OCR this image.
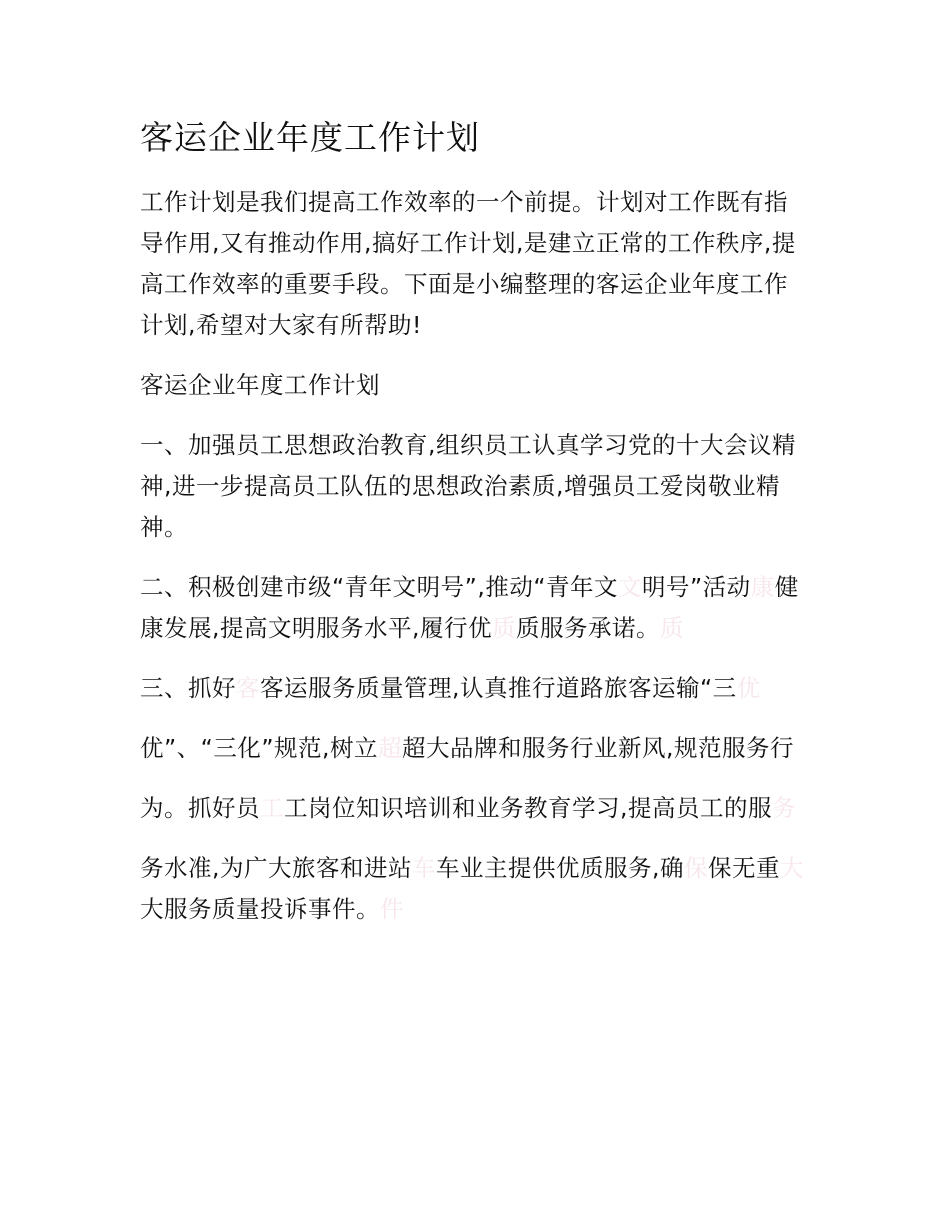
客运企业年度工作计划

工作计划是我们提高工作效率的一个前提。计划对工作既有指导作用,又有推动作用,搞好工作计划,是建立正常的工作秩序,提高工作效率的重要手段。下面是小编整理的客运企业年度工作计划,希望对大家有所帮助!

客运企业年度工作计划

一、加强员工思想政治教育,组织员工认真学习党的十大会议精神,进一步提高员工队伍的思想政治素质,增强员工爱岗敬业精神。

二、积极创建市级“青年文明号”,推动“青年文文明号”活动康健康发展,提高文明服务水平,履行优质质服务承诺。质

三、抓好客客运服务质量管理,认真推行道路旅客运输“三优

优”、“三化”规范,树立超超大品牌和服务行业新风,规范服务行

为。抓好员工工岗位知识培训和业务教育学习,提高员工的服务

务水准,为广大旅客和进站车车业主提供优质服务,确保保无重大大服务质量投诉事件。件
